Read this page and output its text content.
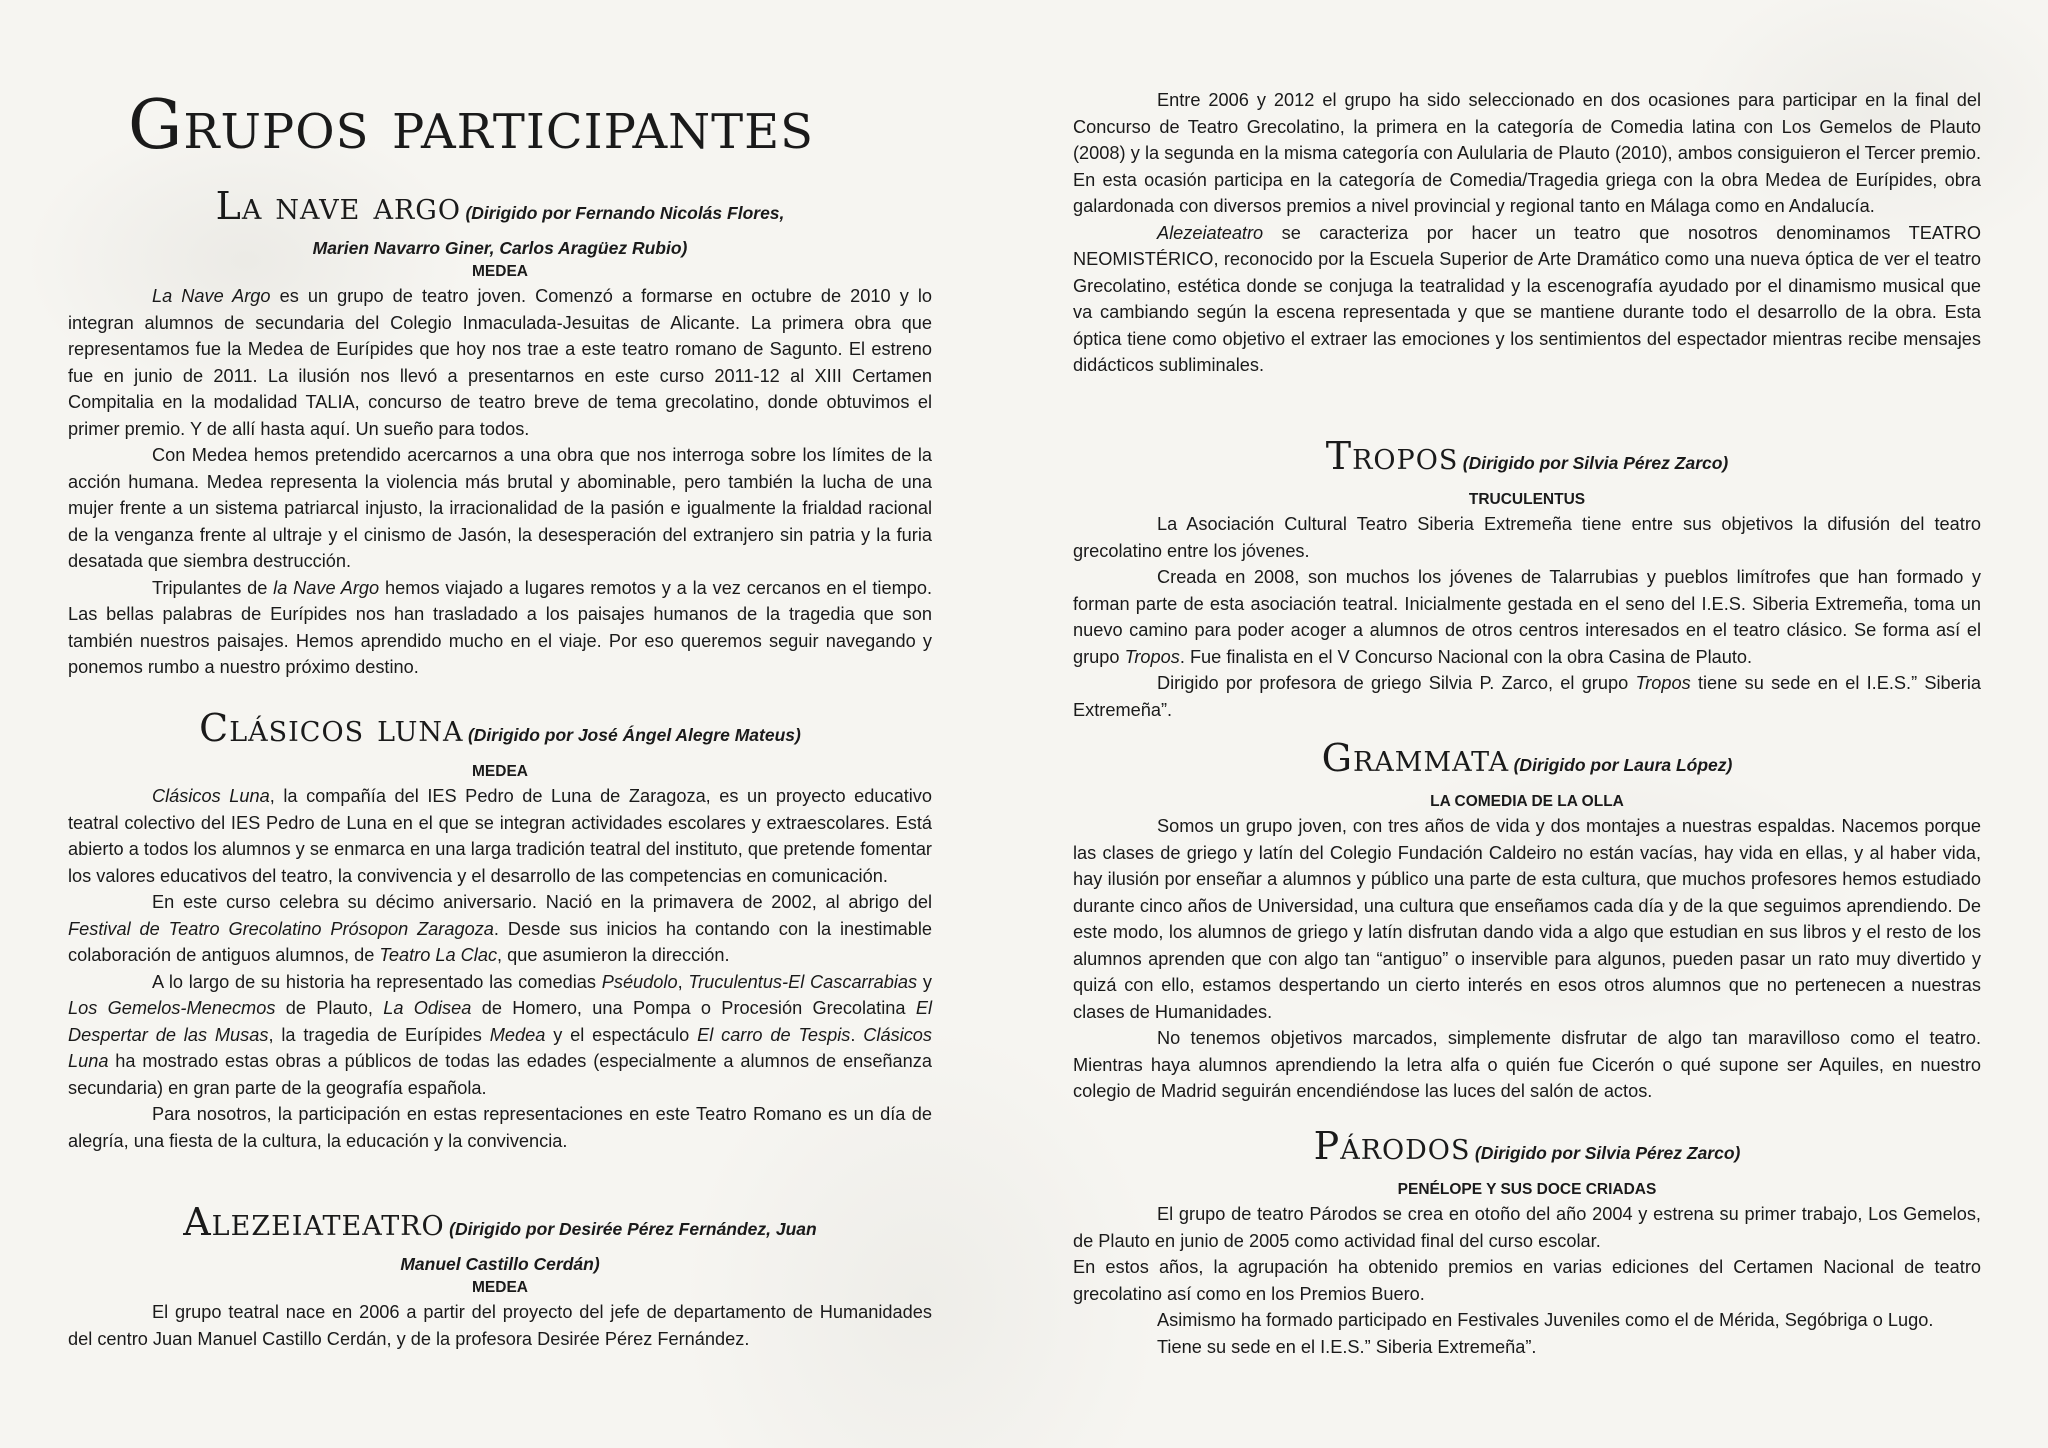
Grupos participantes

La nave argo (Dirigido por Fernando Nicolás Flores,

Marien Navarro Giner, Carlos Aragüez Rubio)

MEDEA

La Nave Argo es un grupo de teatro joven. Comenzó a formarse en octubre de 2010 y lo integran alumnos de secundaria del Colegio Inmaculada-Jesuitas de Alicante. La primera obra que representamos fue la Medea de Eurípides que hoy nos trae a este teatro romano de Sagunto. El estreno fue en junio de 2011. La ilusión nos llevó a presentarnos en este curso 2011-12 al XIII Certamen Compitalia en la modalidad TALIA, concurso de teatro breve de tema grecolatino, donde obtuvimos el primer premio. Y de allí hasta aquí. Un sueño para todos.

Con Medea hemos pretendido acercarnos a una obra que nos interroga sobre los límites de la acción humana. Medea representa la violencia más brutal y abominable, pero también la lucha de una mujer frente a un sistema patriarcal injusto, la irracionalidad de la pasión e igualmente la frialdad racional de la venganza frente al ultraje y el cinismo de Jasón, la desesperación del extranjero sin patria y la furia desatada que siembra destrucción.

Tripulantes de la Nave Argo hemos viajado a lugares remotos y a la vez cercanos en el tiempo. Las bellas palabras de Eurípides nos han trasladado a los paisajes humanos de la tragedia que son también nuestros paisajes. Hemos aprendido mucho en el viaje. Por eso queremos seguir navegando y ponemos rumbo a nuestro próximo destino.

Clásicos luna (Dirigido por José Ángel Alegre Mateus)

MEDEA

Clásicos Luna, la compañía del IES Pedro de Luna de Zaragoza, es un proyecto educativo teatral colectivo del IES Pedro de Luna en el que se integran actividades escolares y extraescolares. Está abierto a todos los alumnos y se enmarca en una larga tradición teatral del instituto, que pretende fomentar los valores educativos del teatro, la convivencia y el desarrollo de las competencias en comunicación.

En este curso celebra su décimo aniversario. Nació en la primavera de 2002, al abrigo del Festival de Teatro Grecolatino Prósopon Zaragoza. Desde sus inicios ha contando con la inestimable colaboración de antiguos alumnos, de Teatro La Clac, que asumieron la dirección.

A lo largo de su historia ha representado las comedias Pséudolo, Truculentus-El Cascarrabias y Los Gemelos-Menecmos de Plauto, La Odisea de Homero, una Pompa o Procesión Grecolatina El Despertar de las Musas, la tragedia de Eurípides Medea y el espectáculo El carro de Tespis. Clásicos Luna ha mostrado estas obras a públicos de todas las edades (especialmente a alumnos de enseñanza secundaria) en gran parte de la geografía española.

Para nosotros, la participación en estas representaciones en este Teatro Romano es un día de alegría, una fiesta de la cultura, la educación y la convivencia.

Alezeiateatro (Dirigido por Desirée Pérez Fernández, Juan

Manuel Castillo Cerdán)

MEDEA

El grupo teatral nace en 2006 a partir del proyecto del jefe de departamento de Humanidades del centro Juan Manuel Castillo Cerdán, y de la profesora Desirée Pérez Fernández.

Entre 2006 y 2012 el grupo ha sido seleccionado en dos ocasiones para participar en la final del Concurso de Teatro Grecolatino, la primera en la categoría de Comedia latina con Los Gemelos de Plauto (2008) y la segunda en la misma categoría con Aulularia de Plauto (2010), ambos consiguieron el Tercer premio. En esta ocasión participa en la categoría de Comedia/Tragedia griega con la obra Medea de Eurípides, obra galardonada con diversos premios a nivel provincial y regional tanto en Málaga como en Andalucía.

Alezeiateatro se caracteriza por hacer un teatro que nosotros denominamos TEATRO NEOMISTÉRICO, reconocido por la Escuela Superior de Arte Dramático como una nueva óptica de ver el teatro Grecolatino, estética donde se conjuga la teatralidad y la escenografía ayudado por el dinamismo musical que va cambiando según la escena representada y que se mantiene durante todo el desarrollo de la obra. Esta óptica tiene como objetivo el extraer las emociones y los sentimientos del espectador mientras recibe mensajes didácticos subliminales.

Tropos (Dirigido por Silvia Pérez Zarco)

TRUCULENTUS

La Asociación Cultural Teatro Siberia Extremeña tiene entre sus objetivos la difusión del teatro grecolatino entre los jóvenes.

Creada en 2008, son muchos los jóvenes de Talarrubias y pueblos limítrofes que han formado y forman parte de esta asociación teatral. Inicialmente gestada en el seno del I.E.S. Siberia Extremeña, toma un nuevo camino para poder acoger a alumnos de otros centros interesados en el teatro clásico. Se forma así el grupo Tropos. Fue finalista en el V Concurso Nacional con la obra Casina de Plauto.

Dirigido por profesora de griego Silvia P. Zarco, el grupo Tropos tiene su sede en el I.E.S.” Siberia Extremeña”.

Grammata (Dirigido por Laura López)

LA COMEDIA DE LA OLLA

Somos un grupo joven, con tres años de vida y dos montajes a nuestras espaldas. Nacemos porque las clases de griego y latín del Colegio Fundación Caldeiro no están vacías, hay vida en ellas, y al haber vida, hay ilusión por enseñar a alumnos y público una parte de esta cultura, que muchos profesores hemos estudiado durante cinco años de Universidad, una cultura que enseñamos cada día y de la que seguimos aprendiendo. De este modo, los alumnos de griego y latín disfrutan dando vida a algo que estudian en sus libros y el resto de los alumnos aprenden que con algo tan “antiguo” o inservible para algunos, pueden pasar un rato muy divertido y quizá con ello, estamos despertando un cierto interés en esos otros alumnos que no pertenecen a nuestras clases de Humanidades.

No tenemos objetivos marcados, simplemente disfrutar de algo tan maravilloso como el teatro. Mientras haya alumnos aprendiendo la letra alfa o quién fue Cicerón o qué supone ser Aquiles, en nuestro colegio de Madrid seguirán encendiéndose las luces del salón de actos.

Párodos (Dirigido por Silvia Pérez Zarco)

PENÉLOPE Y SUS DOCE CRIADAS

El grupo de teatro Párodos se crea en otoño del año 2004 y estrena su primer trabajo, Los Gemelos, de Plauto en junio de 2005 como actividad final del curso escolar.

En estos años, la agrupación ha obtenido premios en varias ediciones del Certamen Nacional de teatro grecolatino así como en los Premios Buero.

Asimismo ha formado participado en Festivales Juveniles como el de Mérida, Segóbriga o Lugo.

Tiene su sede en el I.E.S.” Siberia Extremeña”.
